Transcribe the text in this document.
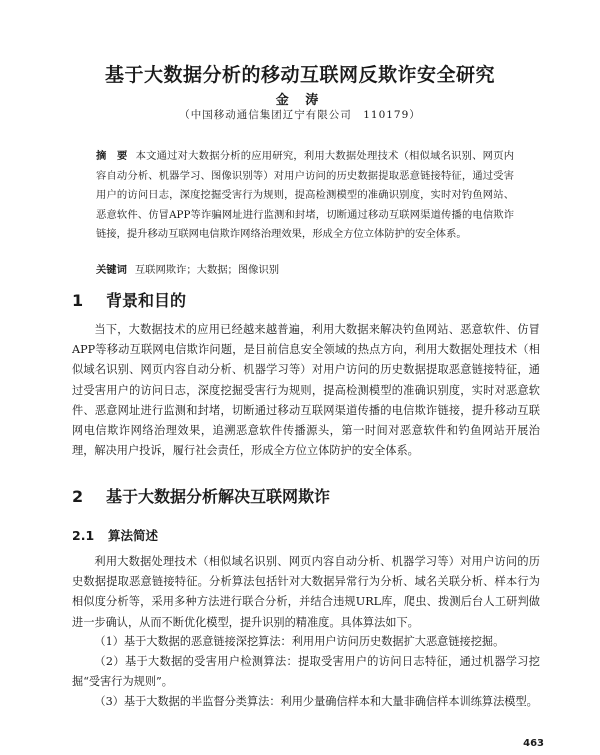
基于大数据分析的移动互联网反欺诈安全研究
金 涛
（中国移动通信集团辽宁有限公司　110179）

摘　要 本文通过对大数据分析的应用研究，利用大数据处理技术（相似域名识别、网页内容自动分析、机器学习、图像识别等）对用户访问的历史数据提取恶意链接特征，通过受害用户的访问日志，深度挖掘受害行为规则，提高检测模型的准确识别度，实时对钓鱼网站、恶意软件、仿冒APP等诈骗网址进行监测和封堵，切断通过移动互联网渠道传播的电信欺诈链接，提升移动互联网电信欺诈网络治理效果，形成全方位立体防护的安全体系。

关键词 互联网欺诈；大数据；图像识别

1 背景和目的

当下，大数据技术的应用已经越来越普遍，利用大数据来解决钓鱼网站、恶意软件、仿冒APP等移动互联网电信欺诈问题，是目前信息安全领域的热点方向，利用大数据处理技术（相似域名识别、网页内容自动分析、机器学习等）对用户访问的历史数据提取恶意链接特征，通过受害用户的访问日志，深度挖掘受害行为规则，提高检测模型的准确识别度，实时对恶意软件、恶意网址进行监测和封堵，切断通过移动互联网渠道传播的电信欺诈链接，提升移动互联网电信欺诈网络治理效果，追溯恶意软件传播源头，第一时间对恶意软件和钓鱼网站开展治理，解决用户投诉，履行社会责任，形成全方位立体防护的安全体系。

2 基于大数据分析解决互联网欺诈
2.1 算法简述

利用大数据处理技术（相似域名识别、网页内容自动分析、机器学习等）对用户访问的历史数据提取恶意链接特征。分析算法包括针对大数据异常行为分析、域名关联分析、样本行为相似度分析等，采用多种方法进行联合分析，并结合违规URL库，爬虫、拨测后台人工研判做进一步确认，从而不断优化模型，提升识别的精准度。具体算法如下。

（1）基于大数据的恶意链接深挖算法：利用用户访问历史数据扩大恶意链接挖掘。

（2）基于大数据的受害用户检测算法：提取受害用户的访问日志特征，通过机器学习挖掘“受害行为规则”。

（3）基于大数据的半监督分类算法：利用少量确信样本和大量非确信样本训练算法模型。

463
